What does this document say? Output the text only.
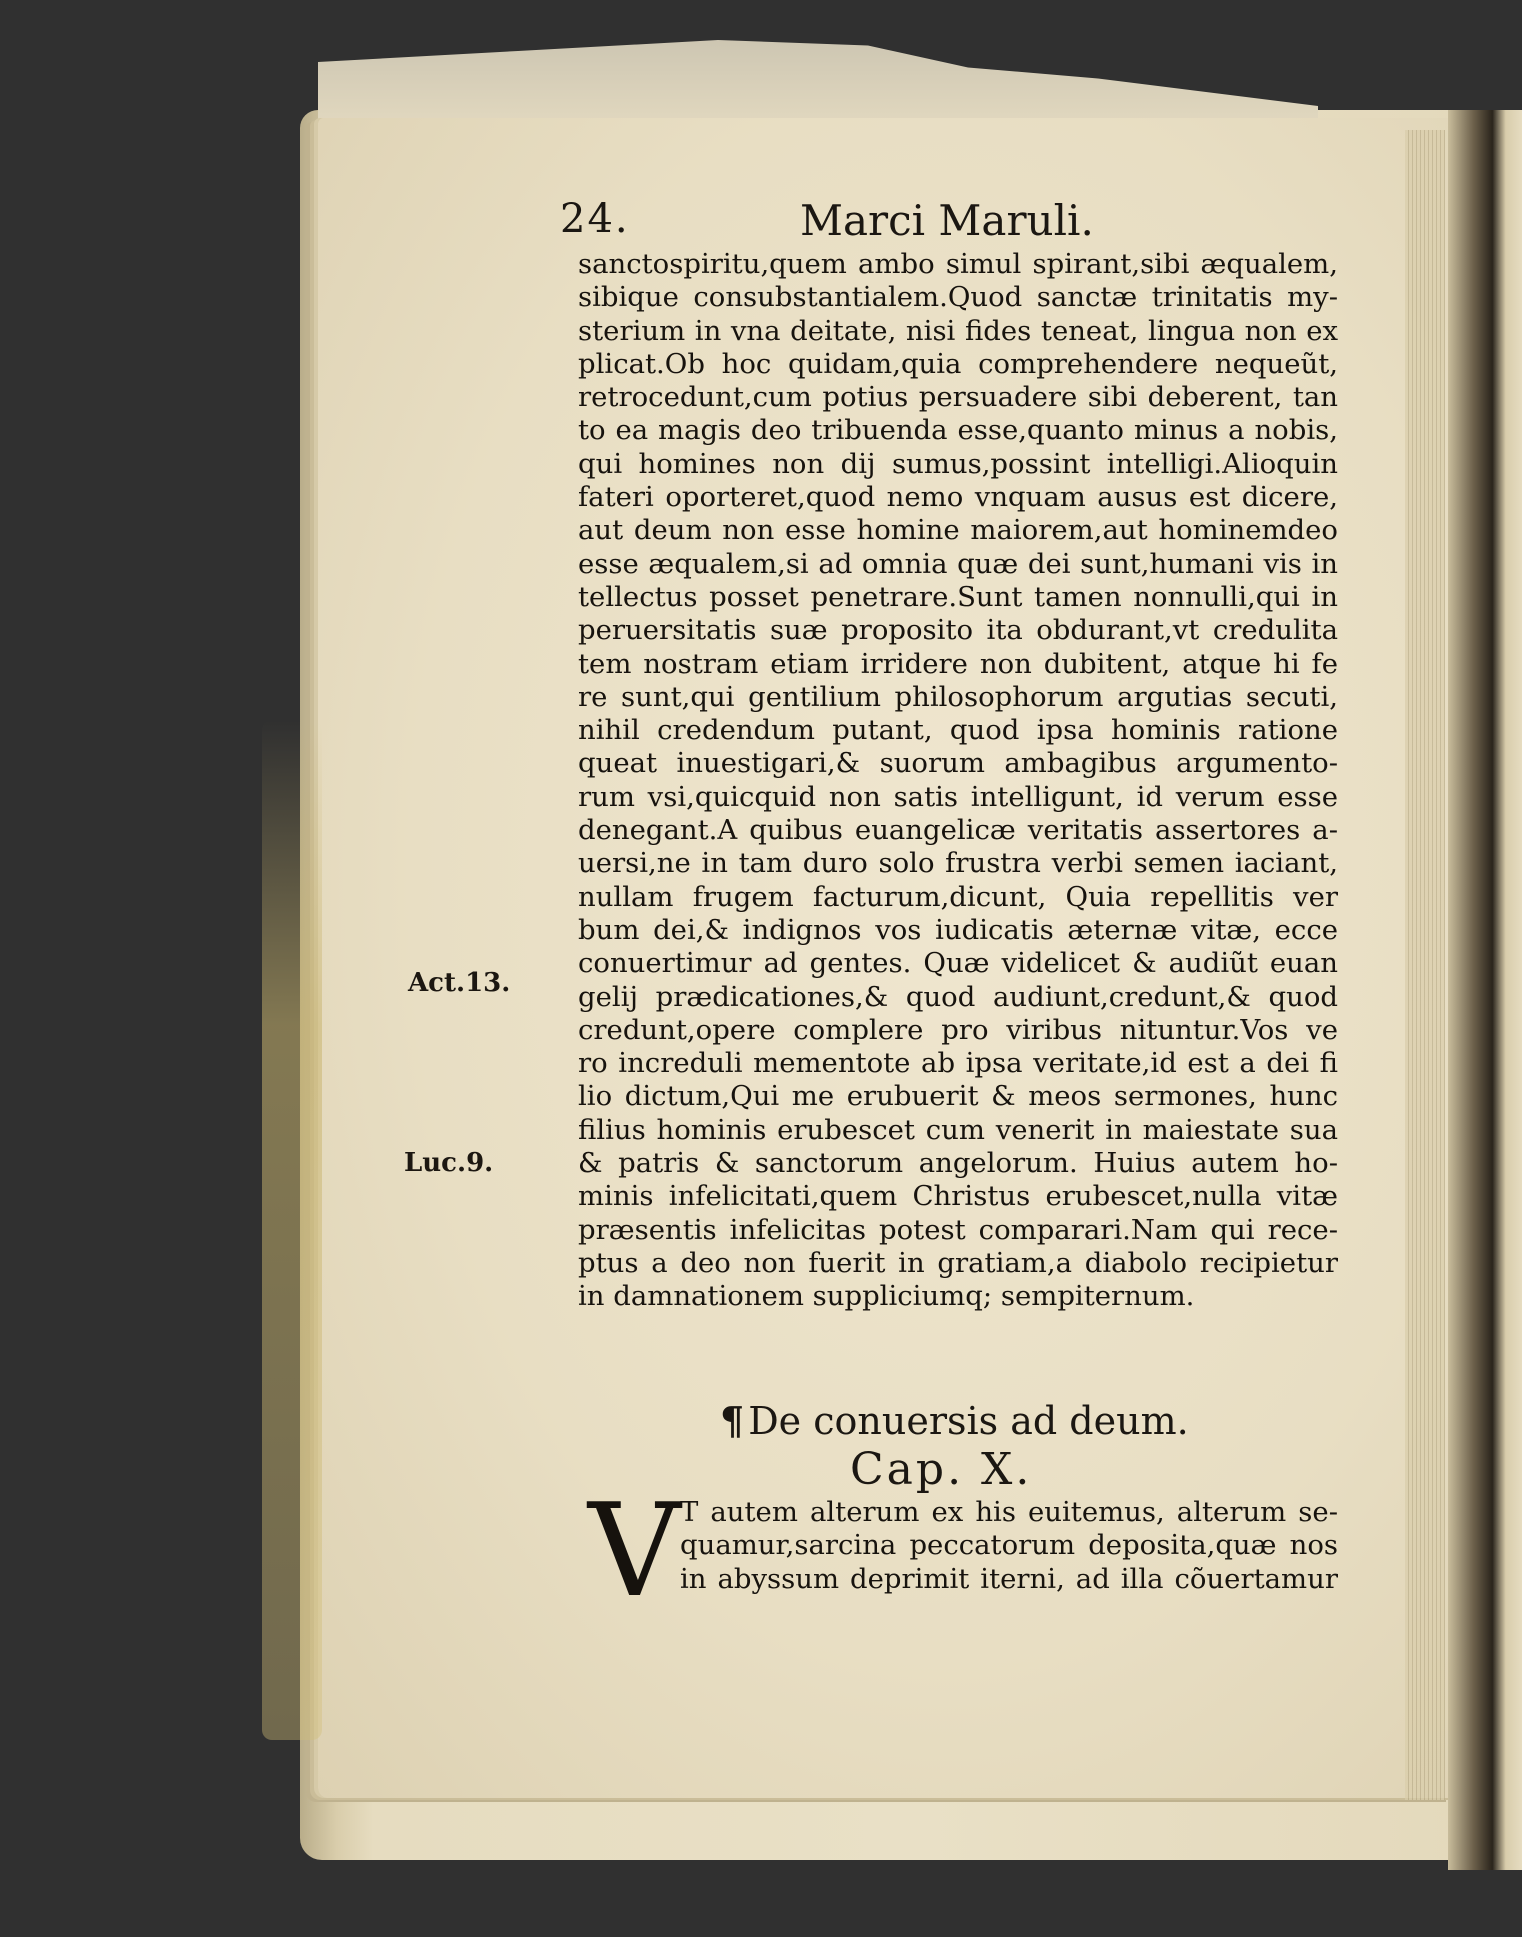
24.	Marci Maruli.
Act.13.
Luc.9.
sanctospiritu,quem ambo simul spirant,sibi æqualem,
sibique consubstantialem.Quod sanctæ trinitatis my-
sterium in vna deitate, nisi fides teneat, lingua non ex
plicat.Ob hoc quidam,quia comprehendere nequeũt,
retrocedunt,cum potius persuadere sibi deberent, tan
to ea magis deo tribuenda esse,quanto minus a nobis,
qui homines non dij sumus,possint intelligi.Alioquin
fateri oporteret,quod nemo vnquam ausus est dicere,
aut deum non esse homine maiorem,aut hominemdeo
esse æqualem,si ad omnia quæ dei sunt,humani vis in
tellectus posset penetrare.Sunt tamen nonnulli,qui in
peruersitatis suæ proposito ita obdurant,vt credulita
tem nostram etiam irridere non dubitent, atque hi fe
re sunt,qui gentilium philosophorum argutias secuti,
nihil credendum putant, quod ipsa hominis ratione
queat inuestigari,& suorum ambagibus argumento-
rum vsi,quicquid non satis intelligunt, id verum esse
denegant.A quibus euangelicæ veritatis assertores a-
uersi,ne in tam duro solo frustra verbi semen iaciant,
nullam frugem facturum,dicunt, Quia repellitis ver
bum dei,& indignos vos iudicatis æternæ vitæ, ecce
conuertimur ad gentes. Quæ videlicet & audiũt euan
gelij prædicationes,& quod audiunt,credunt,& quod
credunt,opere complere pro viribus nituntur.Vos ve
ro increduli mementote ab ipsa veritate,id est a dei fi
lio dictum,Qui me erubuerit & meos sermones, hunc
filius hominis erubescet cum venerit in maiestate sua
& patris & sanctorum angelorum. Huius autem ho-
minis infelicitati,quem Christus erubescet,nulla vitæ
præsentis infelicitas potest comparari.Nam qui rece-
ptus a deo non fuerit in gratiam,a diabolo recipietur
in damnationem suppliciumq; sempiternum.
¶ De conuersis ad deum.
Cap. X.
V T autem alterum ex his euitemus, alterum se-
quamur,sarcina peccatorum deposita,quæ nos
in abyssum deprimit iterni, ad illa cõuertamur
